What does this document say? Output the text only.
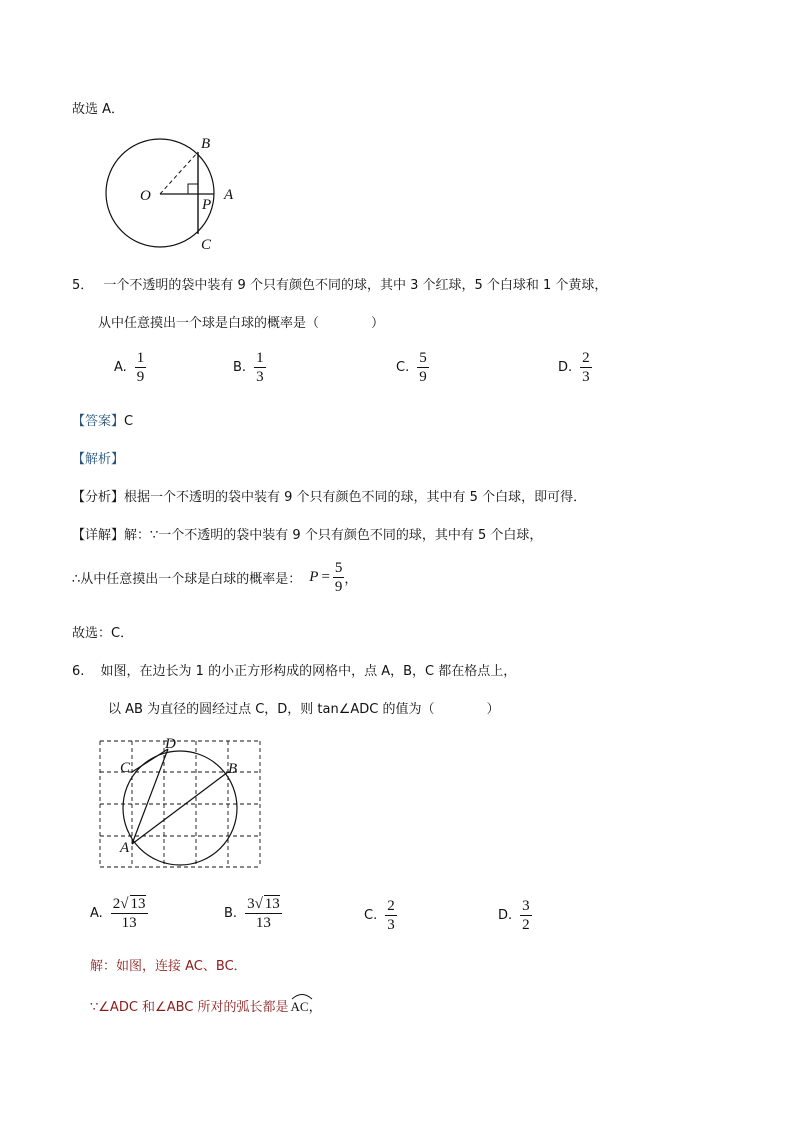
故选 A．
O
B
A
P
C
5． 一个不透明的袋中装有 9 个只有颜色不同的球，其中 3 个红球，5 个白球和 1 个黄球，
从中任意摸出一个球是白球的概率是（　　　　）
A. $\frac{1}{9}$	B. $\frac{1}{3}$	C. $\frac{5}{9}$	D. $\frac{2}{3}$
【答案】C
【解析】
【分析】根据一个不透明的袋中装有 9 个只有颜色不同的球，其中有 5 个白球，即可得．
【详解】解：∵一个不透明的袋中装有 9 个只有颜色不同的球，其中有 5 个白球，
∴从中任意摸出一个球是白球的概率是： $P = \frac{5}{9}$ ，
故选：C．
6. 如图，在边长为 1 的小正方形构成的网格中，点 A，B，C 都在格点上，
以 AB 为直径的圆经过点 C，D，则 tan∠ADC 的值为（　　　　）
A
B
C
D
A. $\frac{2√ 13}{13}$	B. $\frac{3√ 13}{13}$	C. $\frac{2}{3}$	D. $\frac{3}{2}$
解：如图，连接 AC、BC．
∵∠ADC 和∠ABC 所对的弧长都是 AC ，
